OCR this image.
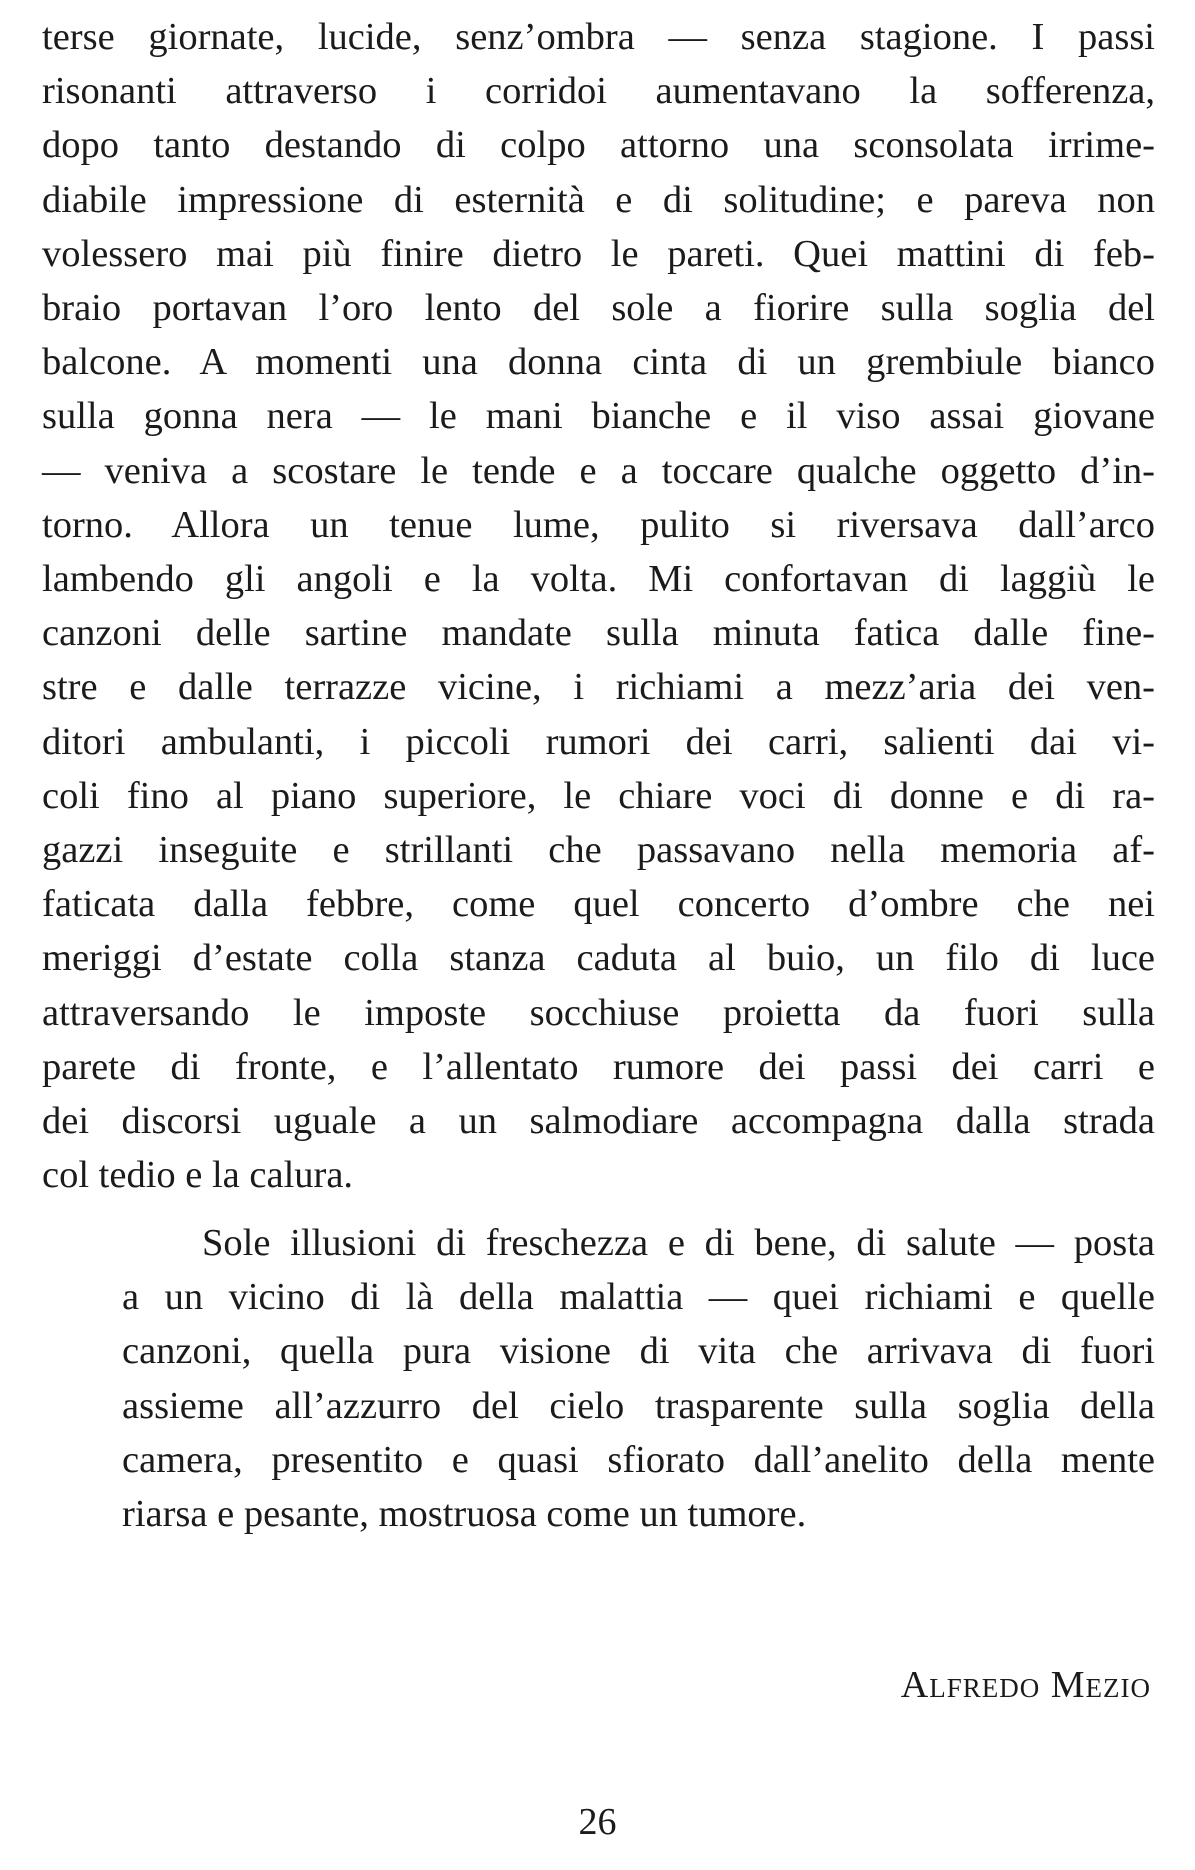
terse giornate, lucide, senz’ombra — senza stagione. I passi
risonanti attraverso i corridoi aumentavano la sofferenza,
dopo tanto destando di colpo attorno una sconsolata irrime-
diabile impressione di esternità e di solitudine; e pareva non
volessero mai più finire dietro le pareti. Quei mattini di feb-
braio portavan l’oro lento del sole a fiorire sulla soglia del
balcone. A momenti una donna cinta di un grembiule bianco
sulla gonna nera — le mani bianche e il viso assai giovane
— veniva a scostare le tende e a toccare qualche oggetto d’in-
torno. Allora un tenue lume, pulito si riversava dall’arco
lambendo gli angoli e la volta. Mi confortavan di laggiù le
canzoni delle sartine mandate sulla minuta fatica dalle fine-
stre e dalle terrazze vicine, i richiami a mezz’aria dei ven-
ditori ambulanti, i piccoli rumori dei carri, salienti dai vi-
coli fino al piano superiore, le chiare voci di donne e di ra-
gazzi inseguite e strillanti che passavano nella memoria af-
faticata dalla febbre, come quel concerto d’ombre che nei
meriggi d’estate colla stanza caduta al buio, un filo di luce
attraversando le imposte socchiuse proietta da fuori sulla
parete di fronte, e l’allentato rumore dei passi dei carri e
dei discorsi uguale a un salmodiare accompagna dalla strada
col tedio e la calura.
Sole illusioni di freschezza e di bene, di salute — posta
a un vicino di là della malattia — quei richiami e quelle
canzoni, quella pura visione di vita che arrivava di fuori
assieme all’azzurro del cielo trasparente sulla soglia della
camera, presentito e quasi sfiorato dall’anelito della mente
riarsa e pesante, mostruosa come un tumore.
Alfredo Mezio
26
